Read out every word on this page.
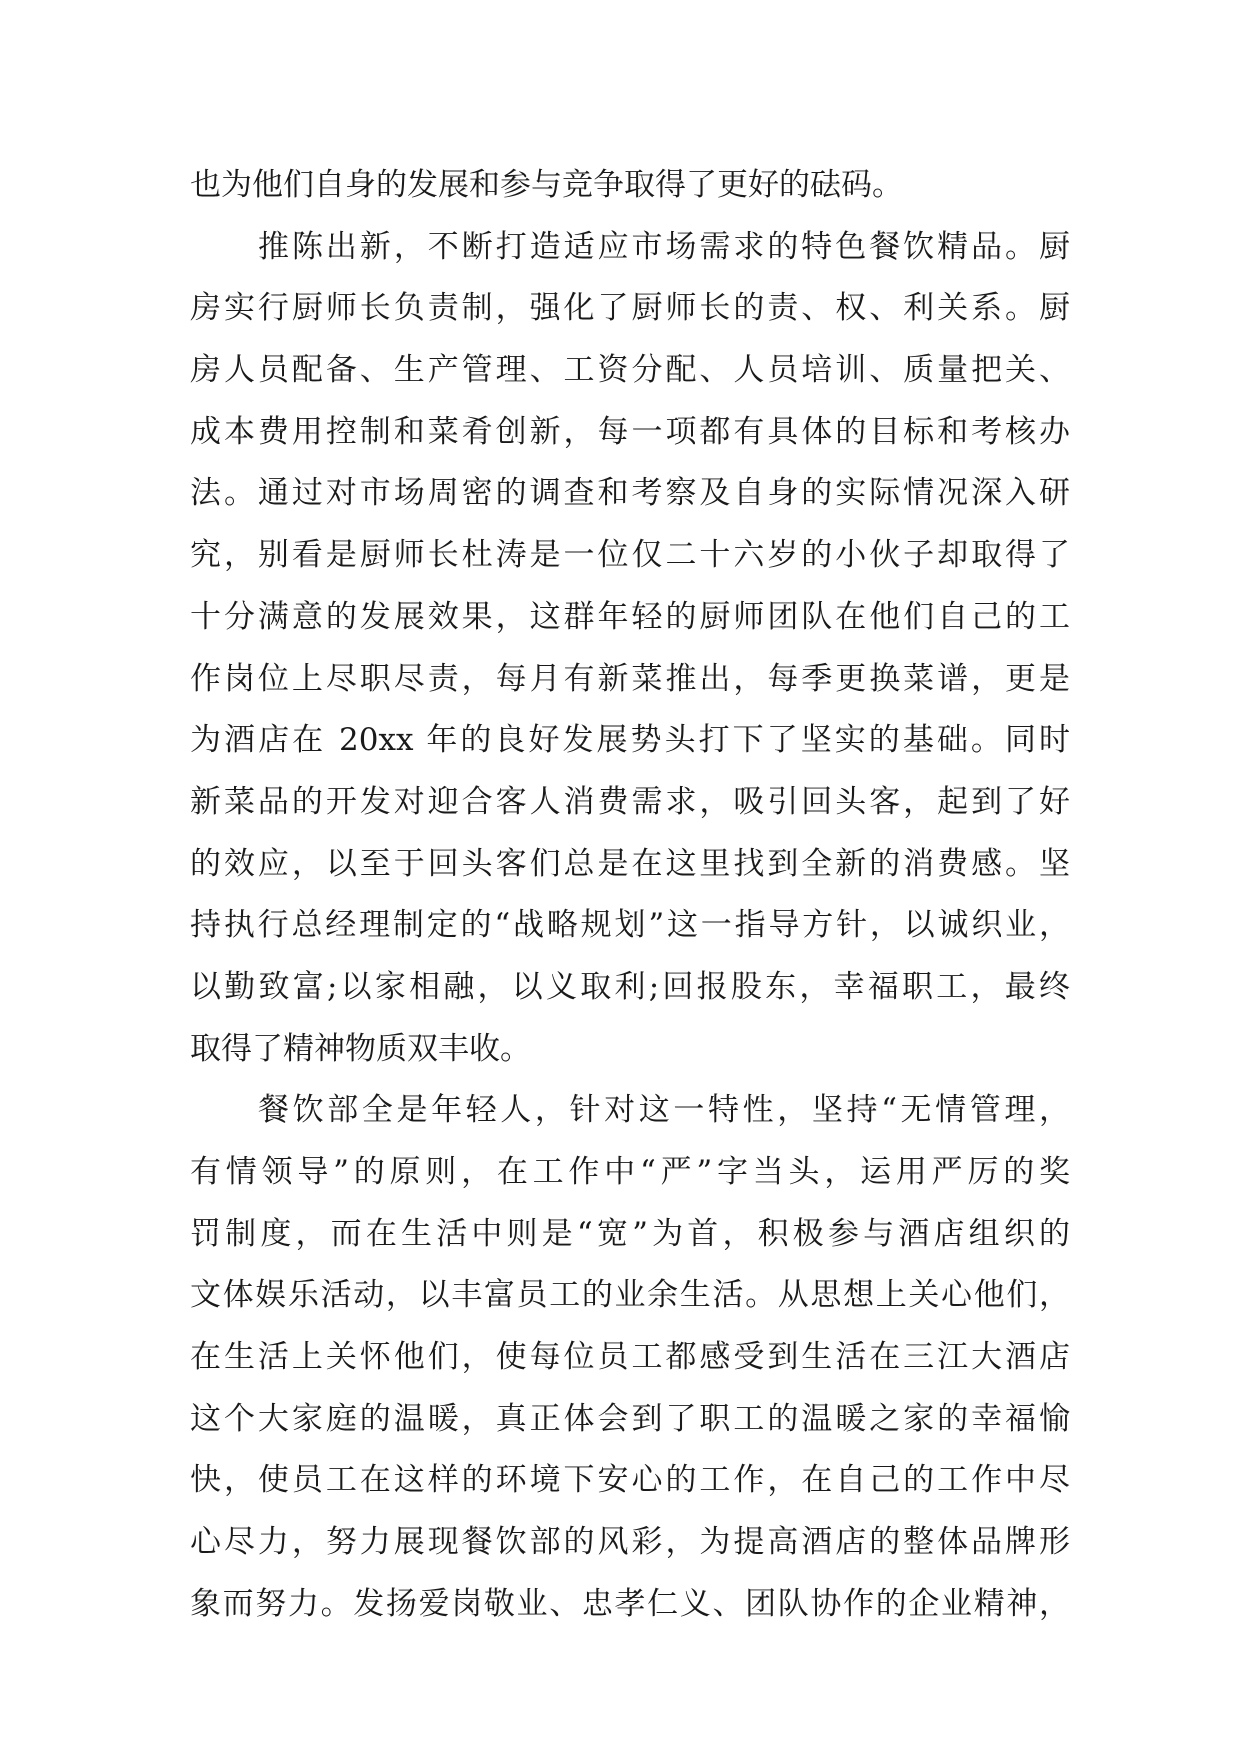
也为他们自身的发展和参与竞争取得了更好的砝码。
推陈出新，不断打造适应市场需求的特色餐饮精品。厨
房实行厨师长负责制，强化了厨师长的责、权、利关系。厨
房人员配备、生产管理、工资分配、人员培训、质量把关、
成本费用控制和菜肴创新，每一项都有具体的目标和考核办
法。通过对市场周密的调查和考察及自身的实际情况深入研
究，别看是厨师长杜涛是一位仅二十六岁的小伙子却取得了
十分满意的发展效果，这群年轻的厨师团队在他们自己的工
作岗位上尽职尽责，每月有新菜推出，每季更换菜谱，更是
为酒店在 20xx 年的良好发展势头打下了坚实的基础。同时
新菜品的开发对迎合客人消费需求，吸引回头客，起到了好
的效应，以至于回头客们总是在这里找到全新的消费感。坚
持执行总经理制定的“战略规划”这一指导方针，以诚织业，
以勤致富;以家相融，以义取利;回报股东，幸福职工，最终
取得了精神物质双丰收。
餐饮部全是年轻人，针对这一特性，坚持“无情管理，
有情领导”的原则，在工作中“严”字当头，运用严厉的奖
罚制度，而在生活中则是“宽”为首，积极参与酒店组织的
文体娱乐活动，以丰富员工的业余生活。从思想上关心他们，
在生活上关怀他们，使每位员工都感受到生活在三江大酒店
这个大家庭的温暖，真正体会到了职工的温暖之家的幸福愉
快，使员工在这样的环境下安心的工作，在自己的工作中尽
心尽力，努力展现餐饮部的风彩，为提高酒店的整体品牌形
象而努力。发扬爱岗敬业、忠孝仁义、团队协作的企业精神，
